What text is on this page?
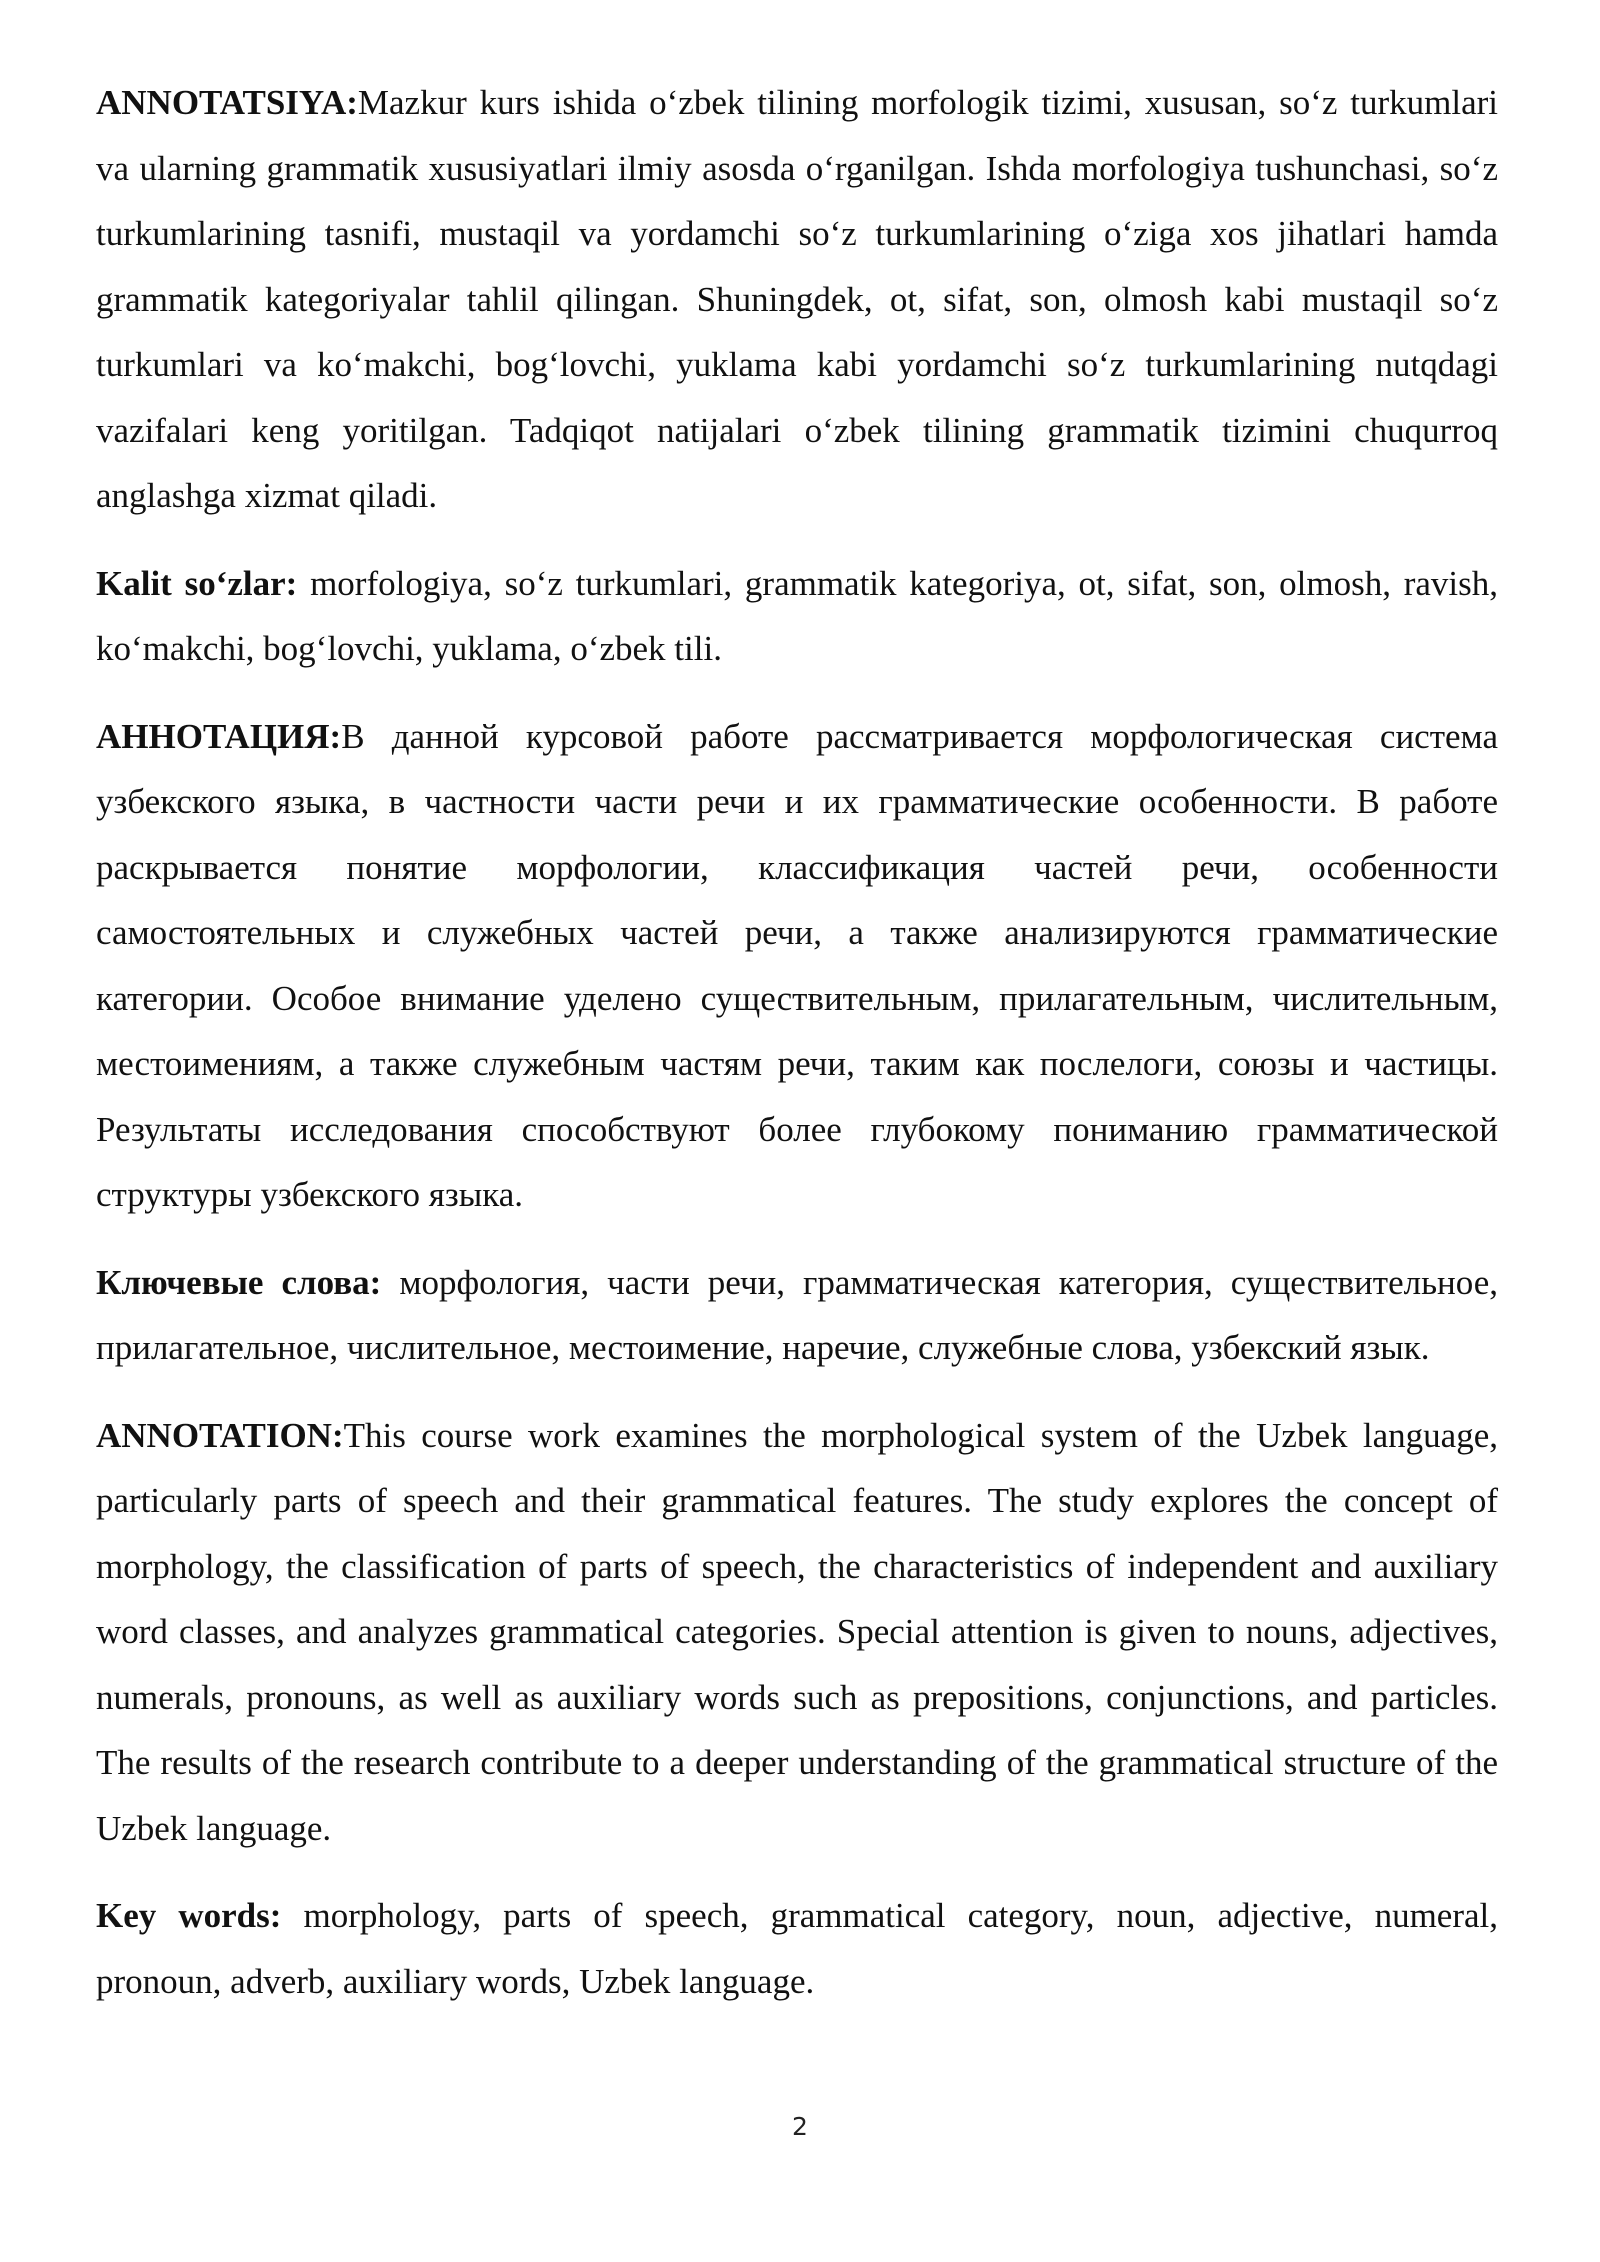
ANNOTATSIYA:Mazkur kurs ishida oʻzbek tilining morfologik tizimi, xususan, soʻz turkumlari va ularning grammatik xususiyatlari ilmiy asosda oʻrganilgan. Ishda morfologiya tushunchasi, soʻz turkumlarining tasnifi, mustaqil va yordamchi soʻz turkumlarining oʻziga xos jihatlari hamda grammatik kategoriyalar tahlil qilingan. Shuningdek, ot, sifat, son, olmosh kabi mustaqil soʻz turkumlari va koʻmakchi, bogʻlovchi, yuklama kabi yordamchi soʻz turkumlarining nutqdagi vazifalari keng yoritilgan. Tadqiqot natijalari oʻzbek tilining grammatik tizimini chuqurroq anglashga xizmat qiladi.

Kalit soʻzlar: morfologiya, soʻz turkumlari, grammatik kategoriya, ot, sifat, son, olmosh, ravish, koʻmakchi, bogʻlovchi, yuklama, oʻzbek tili.

АННОТАЦИЯ:В данной курсовой работе рассматривается морфологическая система узбекского языка, в частности части речи и их грамматические особенности. В работе раскрывается понятие морфологии, классификация частей речи, особенности самостоятельных и служебных частей речи, а также анализируются грамматические категории. Особое внимание уделено существительным, прилагательным, числительным, местоимениям, а также служебным частям речи, таким как послелоги, союзы и частицы. Результаты исследования способствуют более глубокому пониманию грамматической структуры узбекского языка.

Ключевые слова: морфология, части речи, грамматическая категория, существительное, прилагательное, числительное, местоимение, наречие, служебные слова, узбекский язык.

ANNOTATION:This course work examines the morphological system of the Uzbek language, particularly parts of speech and their grammatical features. The study explores the concept of morphology, the classification of parts of speech, the characteristics of independent and auxiliary word classes, and analyzes grammatical categories. Special attention is given to nouns, adjectives, numerals, pronouns, as well as auxiliary words such as prepositions, conjunctions, and particles. The results of the research contribute to a deeper understanding of the grammatical structure of the Uzbek language.

Key words: morphology, parts of speech, grammatical category, noun, adjective, numeral, pronoun, adverb, auxiliary words, Uzbek language.

2
